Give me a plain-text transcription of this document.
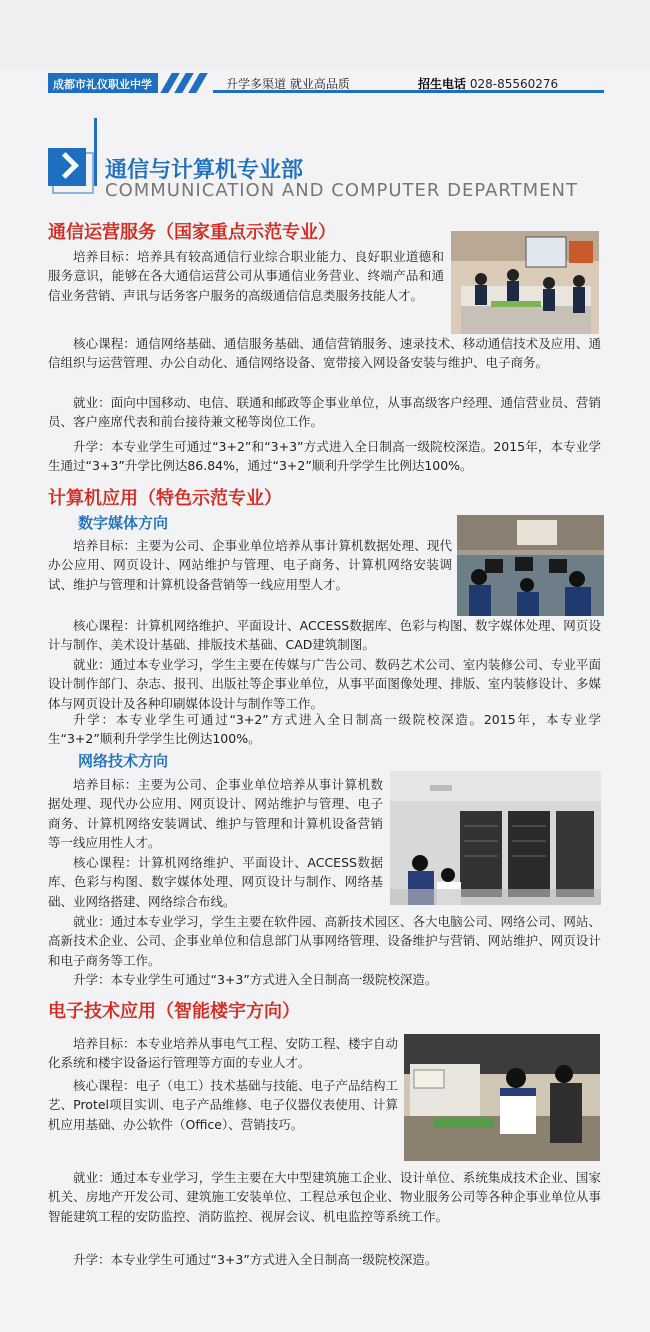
成都市礼仪职业中学	升学多渠道 就业高品质	招生电话 028-85560276
通信与计算机专业部
COMMUNICATION AND COMPUTER DEPARTMENT
通信运营服务（国家重点示范专业）
培养目标：培养具有较高通信行业综合职业能力、良好职业道德和服务意识，能够在各大通信运营公司从事通信业务营业、终端产品和通信业务营销、声讯与话务客户服务的高级通信信息类服务技能人才。
核心课程：通信网络基础、通信服务基础、通信营销服务、速录技术、移动通信技术及应用、通信组织与运营管理、办公自动化、通信网络设备、宽带接入网设备安装与维护、电子商务。
就业：面向中国移动、电信、联通和邮政等企事业单位，从事高级客户经理、通信营业员、营销员、客户座席代表和前台接待兼文秘等岗位工作。
升学：本专业学生可通过“3+2”和“3+3”方式进入全日制高一级院校深造。2015年，本专业学生通过“3+3”升学比例达86.84%，通过“3+2”顺利升学学生比例达100%。
计算机应用（特色示范专业）
数字媒体方向
培养目标：主要为公司、企事业单位培养从事计算机数据处理、现代办公应用、网页设计、网站维护与管理、电子商务、计算机网络安装调试、维护与管理和计算机设备营销等一线应用型人才。
核心课程：计算机网络维护、平面设计、ACCESS数据库、色彩与构图、数字媒体处理、网页设计与制作、美术设计基础、排版技术基础、CAD建筑制图。
就业：通过本专业学习，学生主要在传媒与广告公司、数码艺术公司、室内装修公司、专业平面设计制作部门、杂志、报刊、出版社等企事业单位，从事平面图像处理、排版、室内装修设计、多媒体与网页设计及各种印刷媒体设计与制作等工作。
升学：本专业学生可通过“3+2”方式进入全日制高一级院校深造。2015年，本专业学生“3+2”顺利升学学生比例达100%。
网络技术方向
培养目标：主要为公司、企事业单位培养从事计算机数据处理、现代办公应用、网页设计、网站维护与管理、电子商务、计算机网络安装调试、维护与管理和计算机设备营销等一线应用性人才。
核心课程：计算机网络维护、平面设计、ACCESS数据库、色彩与构图、数字媒体处理、网页设计与制作、网络基础、业网络搭建、网络综合布线。
就业：通过本专业学习，学生主要在软件园、高新技术园区、各大电脑公司、网络公司、网站、高新技术企业、公司、企事业单位和信息部门从事网络管理、设备维护与营销、网站维护、网页设计和电子商务等工作。
升学：本专业学生可通过“3+3”方式进入全日制高一级院校深造。
电子技术应用（智能楼宇方向）
培养目标：本专业培养从事电气工程、安防工程、楼宇自动化系统和楼宇设备运行管理等方面的专业人才。
核心课程：电子（电工）技术基础与技能、电子产品结构工艺、Protel项目实训、电子产品维修、电子仪器仪表使用、计算机应用基础、办公软件（Office）、营销技巧。
就业：通过本专业学习，学生主要在大中型建筑施工企业、设计单位、系统集成技术企业、国家机关、房地产开发公司、建筑施工安装单位、工程总承包企业、物业服务公司等各种企事业单位从事智能建筑工程的安防监控、消防监控、视屏会议、机电监控等系统工作。
升学：本专业学生可通过“3+3”方式进入全日制高一级院校深造。
